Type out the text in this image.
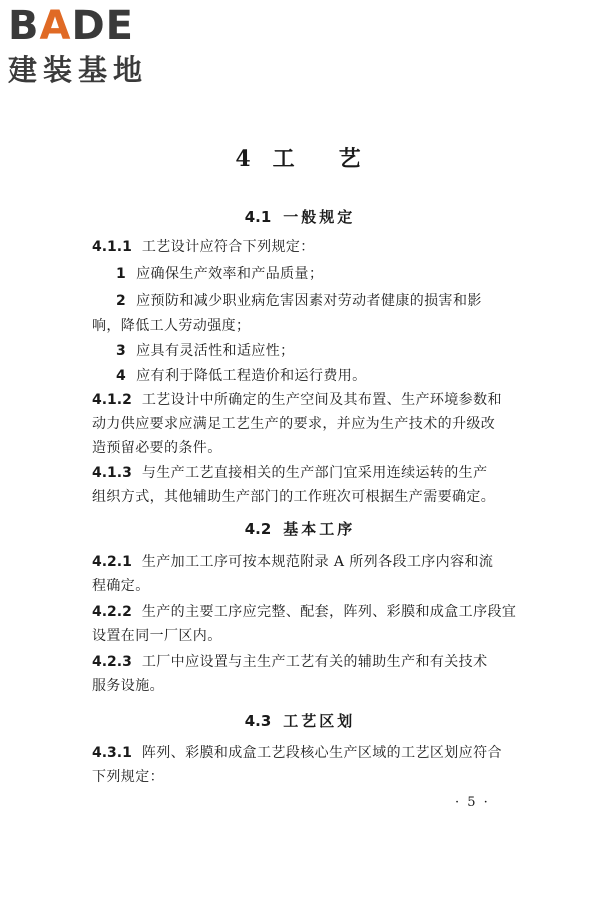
BADE
建装基地
4 工 艺
4.1 一般规定
4.1.1 工艺设计应符合下列规定：
1 应确保生产效率和产品质量；
2 应预防和减少职业病危害因素对劳动者健康的损害和影
响，降低工人劳动强度；
3 应具有灵活性和适应性；
4 应有利于降低工程造价和运行费用。
4.1.2 工艺设计中所确定的生产空间及其布置、生产环境参数和
动力供应要求应满足工艺生产的要求，并应为生产技术的升级改
造预留必要的条件。
4.1.3 与生产工艺直接相关的生产部门宜采用连续运转的生产
组织方式，其他辅助生产部门的工作班次可根据生产需要确定。
4.2 基本工序
4.2.1 生产加工工序可按本规范附录 A 所列各段工序内容和流
程确定。
4.2.2 生产的主要工序应完整、配套，阵列、彩膜和成盒工序段宜
设置在同一厂区内。
4.2.3 工厂中应设置与主生产工艺有关的辅助生产和有关技术
服务设施。
4.3 工艺区划
4.3.1 阵列、彩膜和成盒工艺段核心生产区域的工艺区划应符合
下列规定：
· 5 ·
